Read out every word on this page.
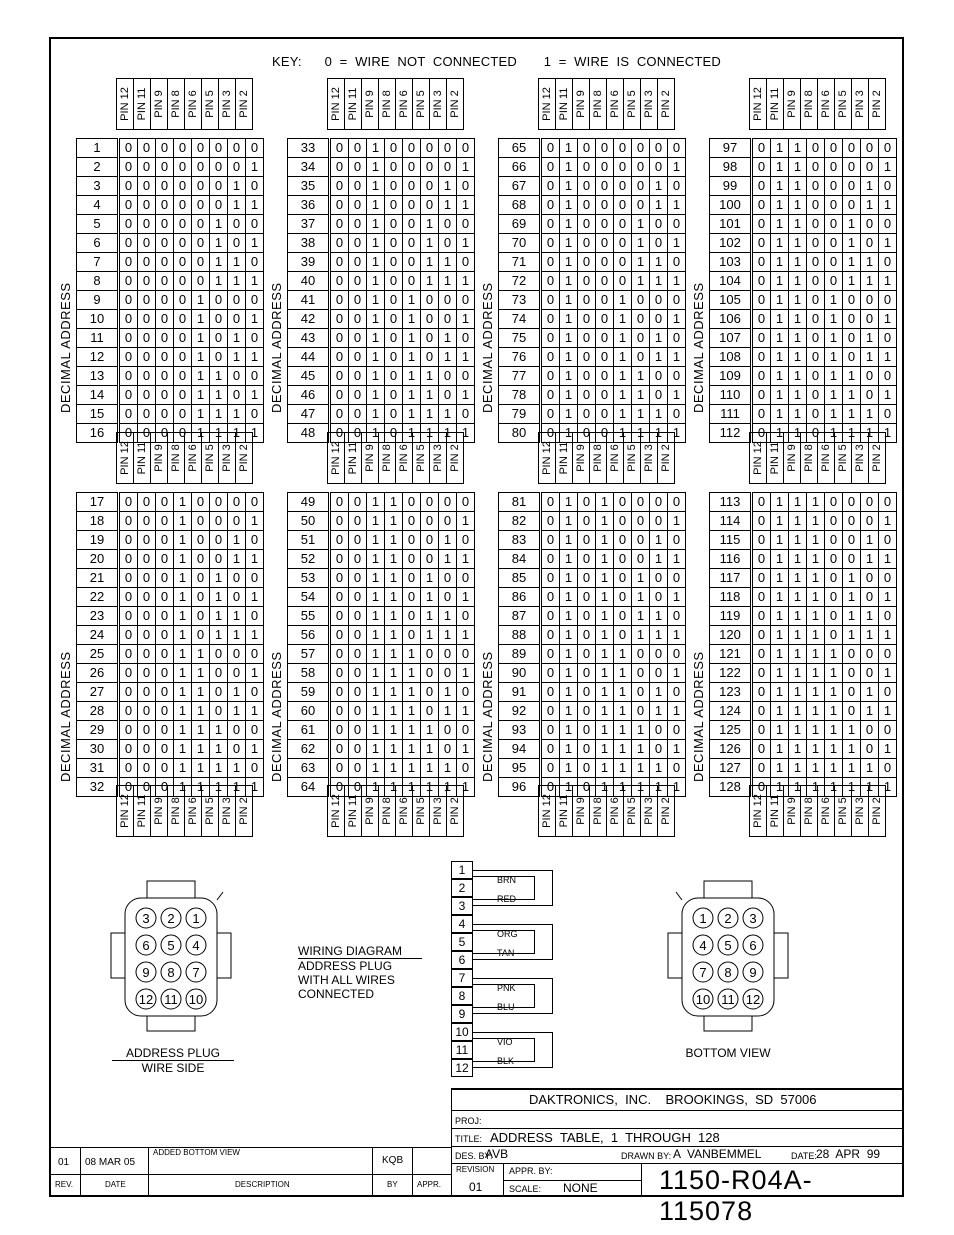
KEY: 0  =  WIRE  NOT  CONNECTED 1  =  WIRE  IS  CONNECTED
PIN 12 PIN 11 PIN 9 PIN 8 PIN 6 PIN 5 PIN 3 PIN 2
1		0	0	0	0	0	0	0	0
2		0	0	0	0	0	0	0	1
3		0	0	0	0	0	0	1	0
4		0	0	0	0	0	0	1	1
5		0	0	0	0	0	1	0	0
6		0	0	0	0	0	1	0	1
7		0	0	0	0	0	1	1	0
8		0	0	0	0	0	1	1	1
9		0	0	0	0	1	0	0	0
10		0	0	0	0	1	0	0	1
11		0	0	0	0	1	0	1	0
12		0	0	0	0	1	0	1	1
13		0	0	0	0	1	1	0	0
14		0	0	0	0	1	1	0	1
15		0	0	0	0	1	1	1	0
16		0	0	0	0	1	1	1	1
DECIMAL ADDRESS
PIN 12 PIN 11 PIN 9 PIN 8 PIN 6 PIN 5 PIN 3 PIN 2
33		0	0	1	0	0	0	0	0
34		0	0	1	0	0	0	0	1
35		0	0	1	0	0	0	1	0
36		0	0	1	0	0	0	1	1
37		0	0	1	0	0	1	0	0
38		0	0	1	0	0	1	0	1
39		0	0	1	0	0	1	1	0
40		0	0	1	0	0	1	1	1
41		0	0	1	0	1	0	0	0
42		0	0	1	0	1	0	0	1
43		0	0	1	0	1	0	1	0
44		0	0	1	0	1	0	1	1
45		0	0	1	0	1	1	0	0
46		0	0	1	0	1	1	0	1
47		0	0	1	0	1	1	1	0
48		0	0	1	0	1	1	1	1
DECIMAL ADDRESS
PIN 12 PIN 11 PIN 9 PIN 8 PIN 6 PIN 5 PIN 3 PIN 2
65		0	1	0	0	0	0	0	0
66		0	1	0	0	0	0	0	1
67		0	1	0	0	0	0	1	0
68		0	1	0	0	0	0	1	1
69		0	1	0	0	0	1	0	0
70		0	1	0	0	0	1	0	1
71		0	1	0	0	0	1	1	0
72		0	1	0	0	0	1	1	1
73		0	1	0	0	1	0	0	0
74		0	1	0	0	1	0	0	1
75		0	1	0	0	1	0	1	0
76		0	1	0	0	1	0	1	1
77		0	1	0	0	1	1	0	0
78		0	1	0	0	1	1	0	1
79		0	1	0	0	1	1	1	0
80		0	1	0	0	1	1	1	1
DECIMAL ADDRESS
PIN 12 PIN 11 PIN 9 PIN 8 PIN 6 PIN 5 PIN 3 PIN 2
97		0	1	1	0	0	0	0	0
98		0	1	1	0	0	0	0	1
99		0	1	1	0	0	0	1	0
100		0	1	1	0	0	0	1	1
101		0	1	1	0	0	1	0	0
102		0	1	1	0	0	1	0	1
103		0	1	1	0	0	1	1	0
104		0	1	1	0	0	1	1	1
105		0	1	1	0	1	0	0	0
106		0	1	1	0	1	0	0	1
107		0	1	1	0	1	0	1	0
108		0	1	1	0	1	0	1	1
109		0	1	1	0	1	1	0	0
110		0	1	1	0	1	1	0	1
111		0	1	1	0	1	1	1	0
112		0	1	1	0	1	1	1	1
DECIMAL ADDRESS
PIN 12 PIN 11 PIN 9 PIN 8 PIN 6 PIN 5 PIN 3 PIN 2
17		0	0	0	1	0	0	0	0
18		0	0	0	1	0	0	0	1
19		0	0	0	1	0	0	1	0
20		0	0	0	1	0	0	1	1
21		0	0	0	1	0	1	0	0
22		0	0	0	1	0	1	0	1
23		0	0	0	1	0	1	1	0
24		0	0	0	1	0	1	1	1
25		0	0	0	1	1	0	0	0
26		0	0	0	1	1	0	0	1
27		0	0	0	1	1	0	1	0
28		0	0	0	1	1	0	1	1
29		0	0	0	1	1	1	0	0
30		0	0	0	1	1	1	0	1
31		0	0	0	1	1	1	1	0
32		0	0	0	1	1	1	1	1
DECIMAL ADDRESS
PIN 12 PIN 11 PIN 9 PIN 8 PIN 6 PIN 5 PIN 3 PIN 2
49		0	0	1	1	0	0	0	0
50		0	0	1	1	0	0	0	1
51		0	0	1	1	0	0	1	0
52		0	0	1	1	0	0	1	1
53		0	0	1	1	0	1	0	0
54		0	0	1	1	0	1	0	1
55		0	0	1	1	0	1	1	0
56		0	0	1	1	0	1	1	1
57		0	0	1	1	1	0	0	0
58		0	0	1	1	1	0	0	1
59		0	0	1	1	1	0	1	0
60		0	0	1	1	1	0	1	1
61		0	0	1	1	1	1	0	0
62		0	0	1	1	1	1	0	1
63		0	0	1	1	1	1	1	0
64		0	0	1	1	1	1	1	1
DECIMAL ADDRESS
PIN 12 PIN 11 PIN 9 PIN 8 PIN 6 PIN 5 PIN 3 PIN 2
81		0	1	0	1	0	0	0	0
82		0	1	0	1	0	0	0	1
83		0	1	0	1	0	0	1	0
84		0	1	0	1	0	0	1	1
85		0	1	0	1	0	1	0	0
86		0	1	0	1	0	1	0	1
87		0	1	0	1	0	1	1	0
88		0	1	0	1	0	1	1	1
89		0	1	0	1	1	0	0	0
90		0	1	0	1	1	0	0	1
91		0	1	0	1	1	0	1	0
92		0	1	0	1	1	0	1	1
93		0	1	0	1	1	1	0	0
94		0	1	0	1	1	1	0	1
95		0	1	0	1	1	1	1	0
96		0	1	0	1	1	1	1	1
DECIMAL ADDRESS
PIN 12 PIN 11 PIN 9 PIN 8 PIN 6 PIN 5 PIN 3 PIN 2
113		0	1	1	1	0	0	0	0
114		0	1	1	1	0	0	0	1
115		0	1	1	1	0	0	1	0
116		0	1	1	1	0	0	1	1
117		0	1	1	1	0	1	0	0
118		0	1	1	1	0	1	0	1
119		0	1	1	1	0	1	1	0
120		0	1	1	1	0	1	1	1
121		0	1	1	1	1	0	0	0
122		0	1	1	1	1	0	0	1
123		0	1	1	1	1	0	1	0
124		0	1	1	1	1	0	1	1
125		0	1	1	1	1	1	0	0
126		0	1	1	1	1	1	0	1
127		0	1	1	1	1	1	1	0
128		0	1	1	1	1	1	1	1
DECIMAL ADDRESS
PIN 12 PIN 11 PIN 9 PIN 8 PIN 6 PIN 5 PIN 3 PIN 2	PIN 12 PIN 11 PIN 9 PIN 8 PIN 6 PIN 5 PIN 3 PIN 2	PIN 12 PIN 11 PIN 9 PIN 8 PIN 6 PIN 5 PIN 3 PIN 2	PIN 12 PIN 11 PIN 9 PIN 8 PIN 6 PIN 5 PIN 3 PIN 2
WIRING DIAGRAM
ADDRESS PLUG
WITH ALL WIRES
CONNECTED
1
2
3
4
5
6
7
8
9
10
11
12
BRN
RED
ORG
TAN
PNK
BLU
VIO
BLK
3 2 1
6 5 4
9 8 7
12 11 10
ADDRESS PLUG
WIRE SIDE
1 2 3
4 5 6
7 8 9
10 11 12
BOTTOM VIEW
01 08 MAR 05
ADDED BOTTOM VIEW
KQB
REV.	DATE	DESCRIPTION	BY APPR.
DAKTRONICS,  INC.    BROOKINGS,  SD  57006
PROJ:
TITLE: ADDRESS  TABLE,  1  THROUGH  128
DES. BY:
AVB	DRAWN BY: A  VANBEMMEL	DATE: 28  APR  99
REVISION
01
APPR. BY:
SCALE: NONE 1150-R04A-115078
